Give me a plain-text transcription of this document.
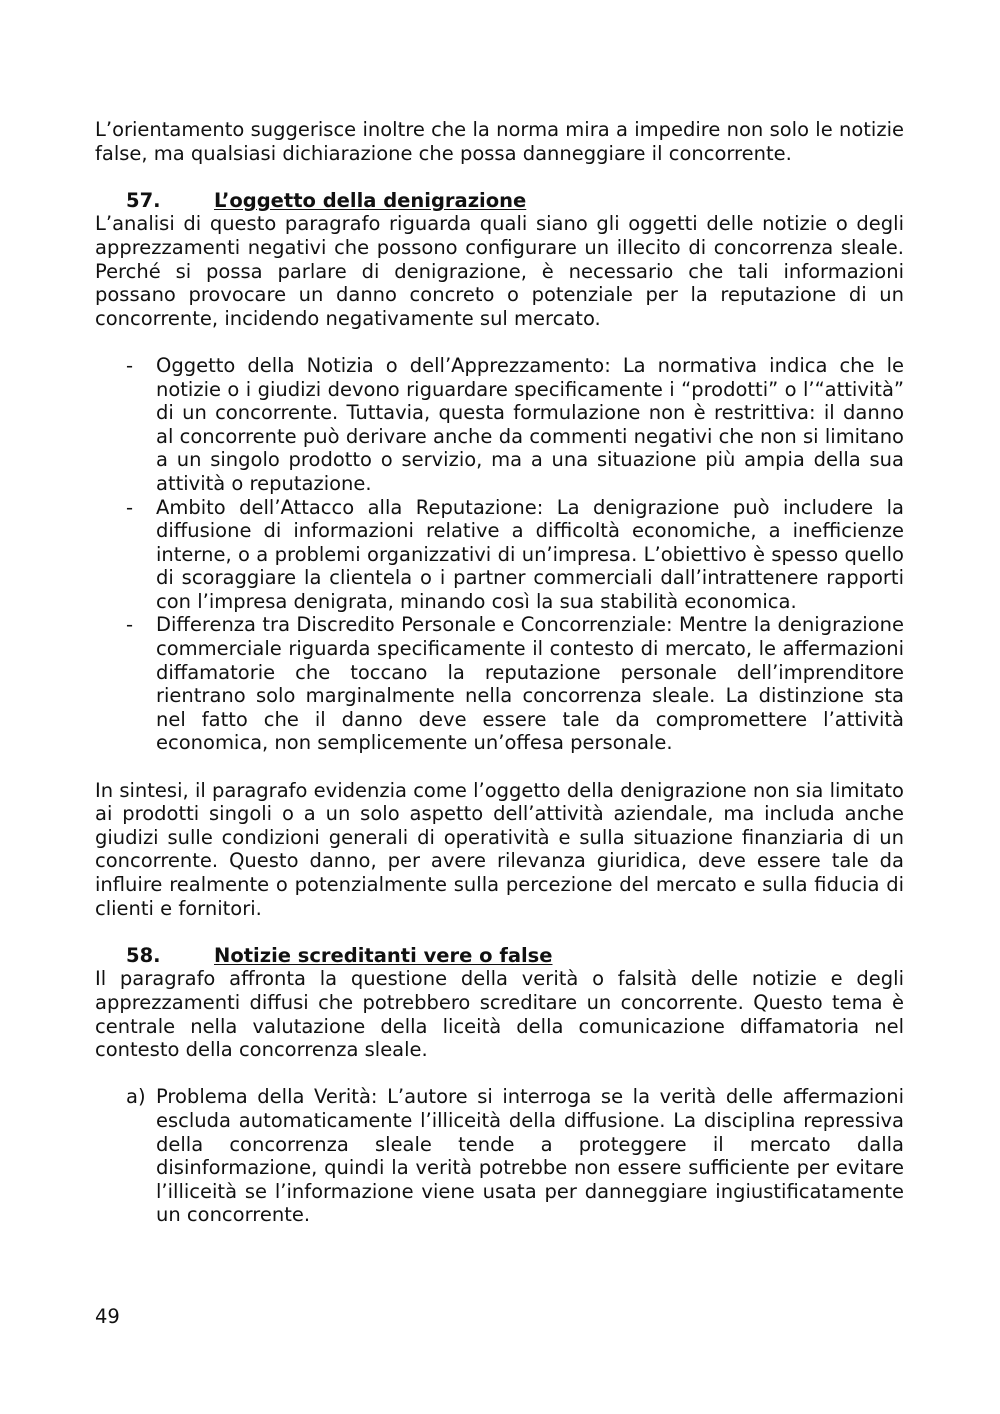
L’orientamento suggerisce inoltre che la norma mira a impedire non solo le notizie false, ma qualsiasi dichiarazione che possa danneggiare il concorrente.

57.	L’oggetto della denigrazione

L’analisi di questo paragrafo riguarda quali siano gli oggetti delle notizie o degli apprezzamenti negativi che possono configurare un illecito di concorrenza sleale. Perché si possa parlare di denigrazione, è necessario che tali informazioni possano provocare un danno concreto o potenziale per la reputazione di un concorrente, incidendo negativamente sul mercato.

-	Oggetto della Notizia o dell’Apprezzamento: La normativa indica che le notizie o i giudizi devono riguardare specificamente i “prodotti” o l’“attività” di un concorrente. Tuttavia, questa formulazione non è restrittiva: il danno al concorrente può derivare anche da commenti negativi che non si limitano a un singolo prodotto o servizio, ma a una situazione più ampia della sua attività o reputazione.
-	Ambito dell’Attacco alla Reputazione: La denigrazione può includere la diffusione di informazioni relative a difficoltà economiche, a inefficienze interne, o a problemi organizzativi di un’impresa. L’obiettivo è spesso quello di scoraggiare la clientela o i partner commerciali dall’intrattenere rapporti con l’impresa denigrata, minando così la sua stabilità economica.
-	Differenza tra Discredito Personale e Concorrenziale: Mentre la denigrazione commerciale riguarda specificamente il contesto di mercato, le affermazioni diffamatorie che toccano la reputazione personale dell’imprenditore rientrano solo marginalmente nella concorrenza sleale. La distinzione sta nel fatto che il danno deve essere tale da compromettere l’attività economica, non semplicemente un’offesa personale.

In sintesi, il paragrafo evidenzia come l’oggetto della denigrazione non sia limitato ai prodotti singoli o a un solo aspetto dell’attività aziendale, ma includa anche giudizi sulle condizioni generali di operatività e sulla situazione finanziaria di un concorrente. Questo danno, per avere rilevanza giuridica, deve essere tale da influire realmente o potenzialmente sulla percezione del mercato e sulla fiducia di clienti e fornitori.

58.	Notizie screditanti vere o false

Il paragrafo affronta la questione della verità o falsità delle notizie e degli apprezzamenti diffusi che potrebbero screditare un concorrente. Questo tema è centrale nella valutazione della liceità della comunicazione diffamatoria nel contesto della concorrenza sleale.

a) Problema della Verità: L’autore si interroga se la verità delle affermazioni escluda automaticamente l’illiceità della diffusione. La disciplina repressiva della concorrenza sleale tende a proteggere il mercato dalla disinformazione, quindi la verità potrebbe non essere sufficiente per evitare l’illiceità se l’informazione viene usata per danneggiare ingiustificatamente un concorrente.
49
